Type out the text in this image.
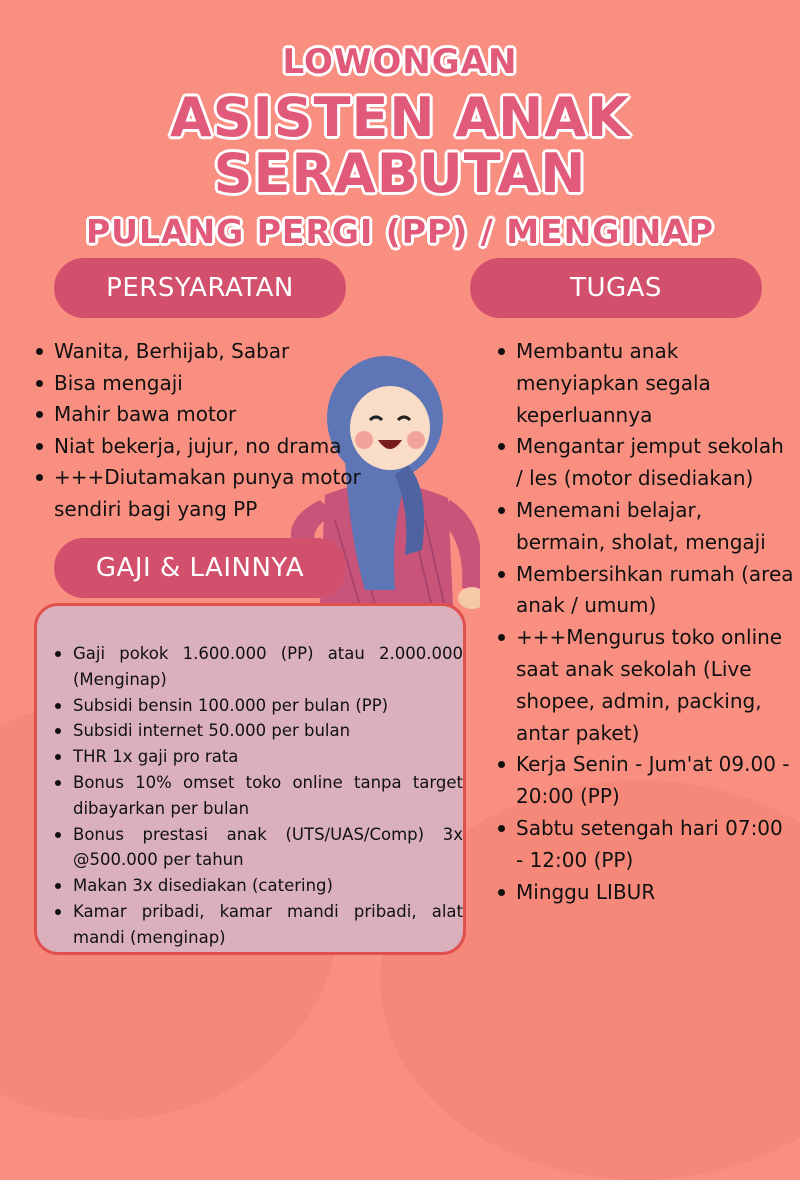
LOWONGAN
ASISTEN ANAK
SERABUTAN
PULANG PERGI (PP) / MENGINAP
PERSYARATAN
Wanita, Berhijab, Sabar
Bisa mengaji
Mahir bawa motor
Niat bekerja, jujur, no drama
+++Diutamakan punya motor sendiri bagi yang PP
TUGAS
Membantu anak menyiapkan segala keperluannya
Mengantar jemput sekolah / les (motor disediakan)
Menemani belajar, bermain, sholat, mengaji
Membersihkan rumah (area anak / umum)
+++Mengurus toko online saat anak sekolah (Live shopee, admin, packing, antar paket)
Kerja Senin - Jum'at 09.00 - 20:00 (PP)
Sabtu setengah hari 07:00 - 12:00 (PP)
Minggu LIBUR
GAJI & LAINNYA
Gaji pokok 1.600.000 (PP) atau 2.000.000 (Menginap)
Subsidi bensin 100.000 per bulan (PP)
Subsidi internet 50.000 per bulan
THR 1x gaji pro rata
Bonus 10% omset toko online tanpa target dibayarkan per bulan
Bonus prestasi anak (UTS/UAS/Comp) 3x @500.000 per tahun
Makan 3x disediakan (catering)
Kamar pribadi, kamar mandi pribadi, alat mandi (menginap)
